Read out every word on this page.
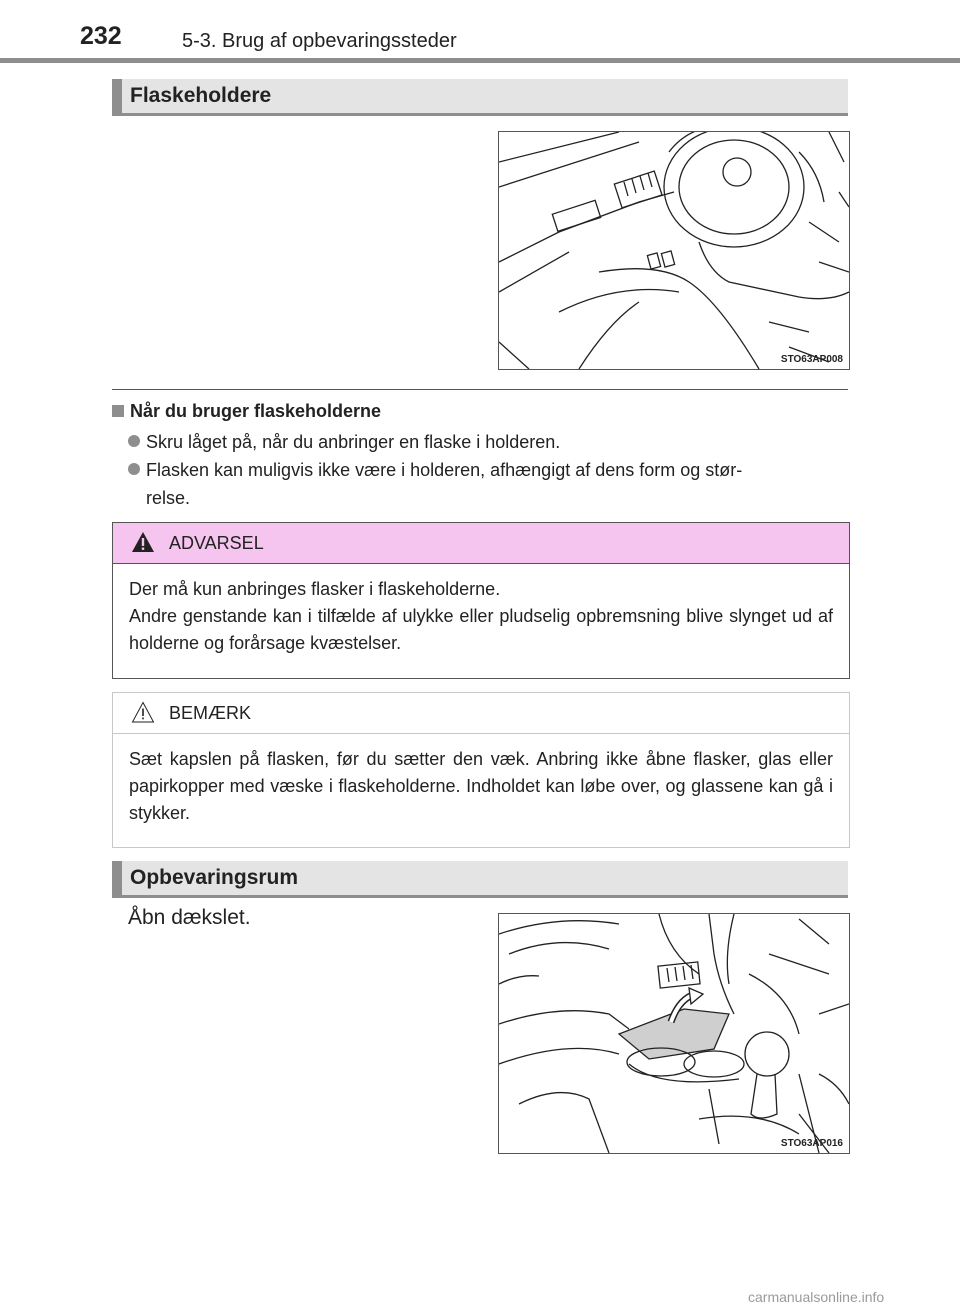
232	5-3. Brug af opbevaringssteder
Flaskeholdere
STO63AP008
Når du bruger flaskeholderne
Skru låget på, når du anbringer en flaske i holderen.
Flasken kan muligvis ikke være i holderen, afhængigt af dens form og stør-
relse.
ADVARSEL
Der må kun anbringes flasker i flaskeholderne.
Andre genstande kan i tilfælde af ulykke eller pludselig opbremsning blive slynget ud af holderne og forårsage kvæstelser.
BEMÆRK
Sæt kapslen på flasken, før du sætter den væk. Anbring ikke åbne flasker, glas eller papirkopper med væske i flaskeholderne. Indholdet kan løbe over, og glassene kan gå i stykker.
Opbevaringsrum
Åbn dækslet.
STO63AP016
carmanualsonline.info
